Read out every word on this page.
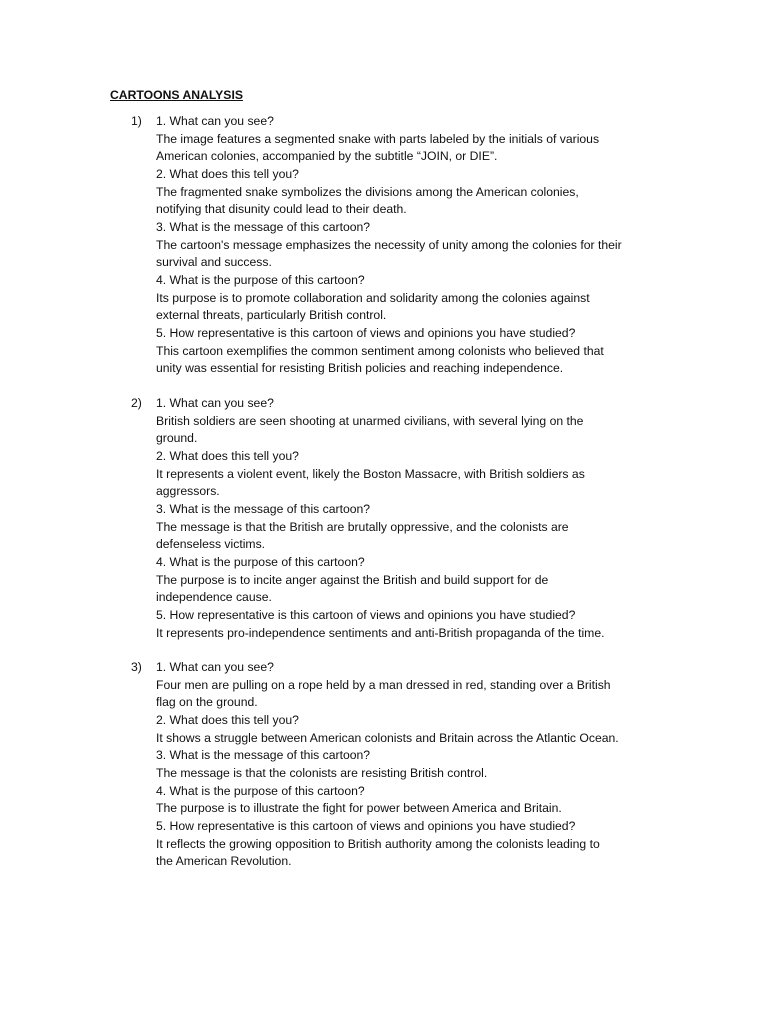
CARTOONS ANALYSIS
1) 1. What can you see?
The image features a segmented snake with parts labeled by the initials of various
American colonies, accompanied by the subtitle “JOIN, or DIE”.
2. What does this tell you?
The fragmented snake symbolizes the divisions among the American colonies,
notifying that disunity could lead to their death.
3. What is the message of this cartoon?
The cartoon's message emphasizes the necessity of unity among the colonies for their
survival and success.
4. What is the purpose of this cartoon?
Its purpose is to promote collaboration and solidarity among the colonies against
external threats, particularly British control.
5. How representative is this cartoon of views and opinions you have studied?
This cartoon exemplifies the common sentiment among colonists who believed that
unity was essential for resisting British policies and reaching independence.
2) 1. What can you see?
British soldiers are seen shooting at unarmed civilians, with several lying on the
ground.
2. What does this tell you?
It represents a violent event, likely the Boston Massacre, with British soldiers as
aggressors.
3. What is the message of this cartoon?
The message is that the British are brutally oppressive, and the colonists are
defenseless victims.
4. What is the purpose of this cartoon?
The purpose is to incite anger against the British and build support for de
independence cause.
5. How representative is this cartoon of views and opinions you have studied?
It represents pro-independence sentiments and anti-British propaganda of the time.
3) 1. What can you see?
Four men are pulling on a rope held by a man dressed in red, standing over a British
flag on the ground.
2. What does this tell you?
It shows a struggle between American colonists and Britain across the Atlantic Ocean.
3. What is the message of this cartoon?
The message is that the colonists are resisting British control.
4. What is the purpose of this cartoon?
The purpose is to illustrate the fight for power between America and Britain.
5. How representative is this cartoon of views and opinions you have studied?
It reflects the growing opposition to British authority among the colonists leading to
the American Revolution.
